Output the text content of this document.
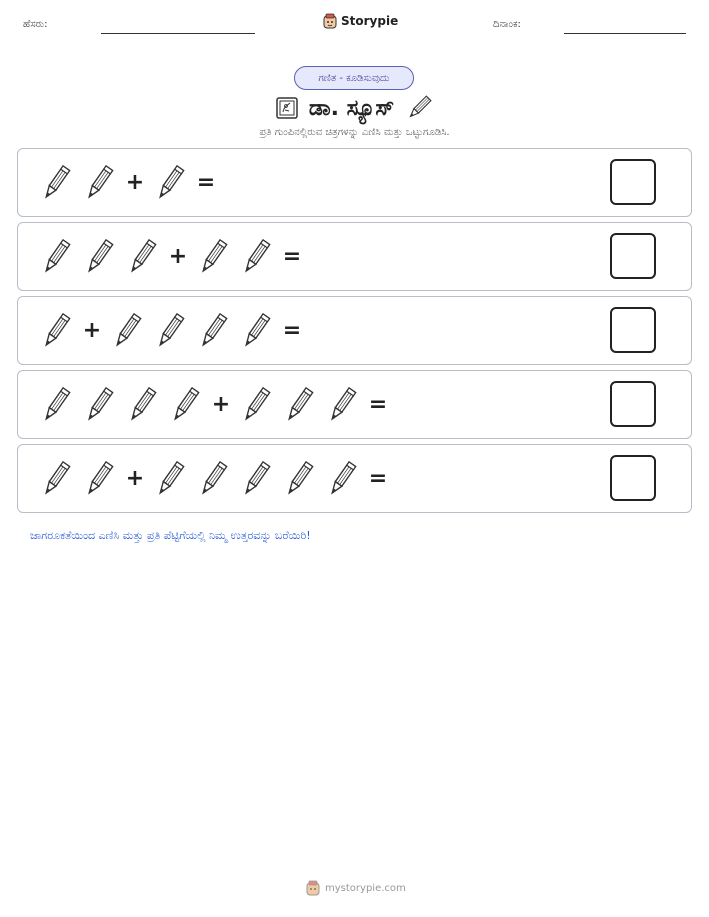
ಹೆಸರು:	Storypie	ದಿನಾಂಕ:
ಗಣಿತ - ಕೂಡಿಸುವುದು
ಡಾ. ಸ್ಯೂಸ್
ಪ್ರತಿ ಗುಂಪಿನಲ್ಲಿರುವ ಚಿತ್ರಗಳನ್ನು ಎಣಿಸಿ ಮತ್ತು ಒಟ್ಟುಗೂಡಿಸಿ.
+ =
+	=
+	=
+	=
+	=
ಜಾಗರೂಕತೆಯಿಂದ ಎಣಿಸಿ ಮತ್ತು ಪ್ರತಿ ಪೆಟ್ಟಿಗೆಯಲ್ಲಿ ನಿಮ್ಮ ಉತ್ತರವನ್ನು ಬರೆಯಿರಿ!
mystorypie.com
